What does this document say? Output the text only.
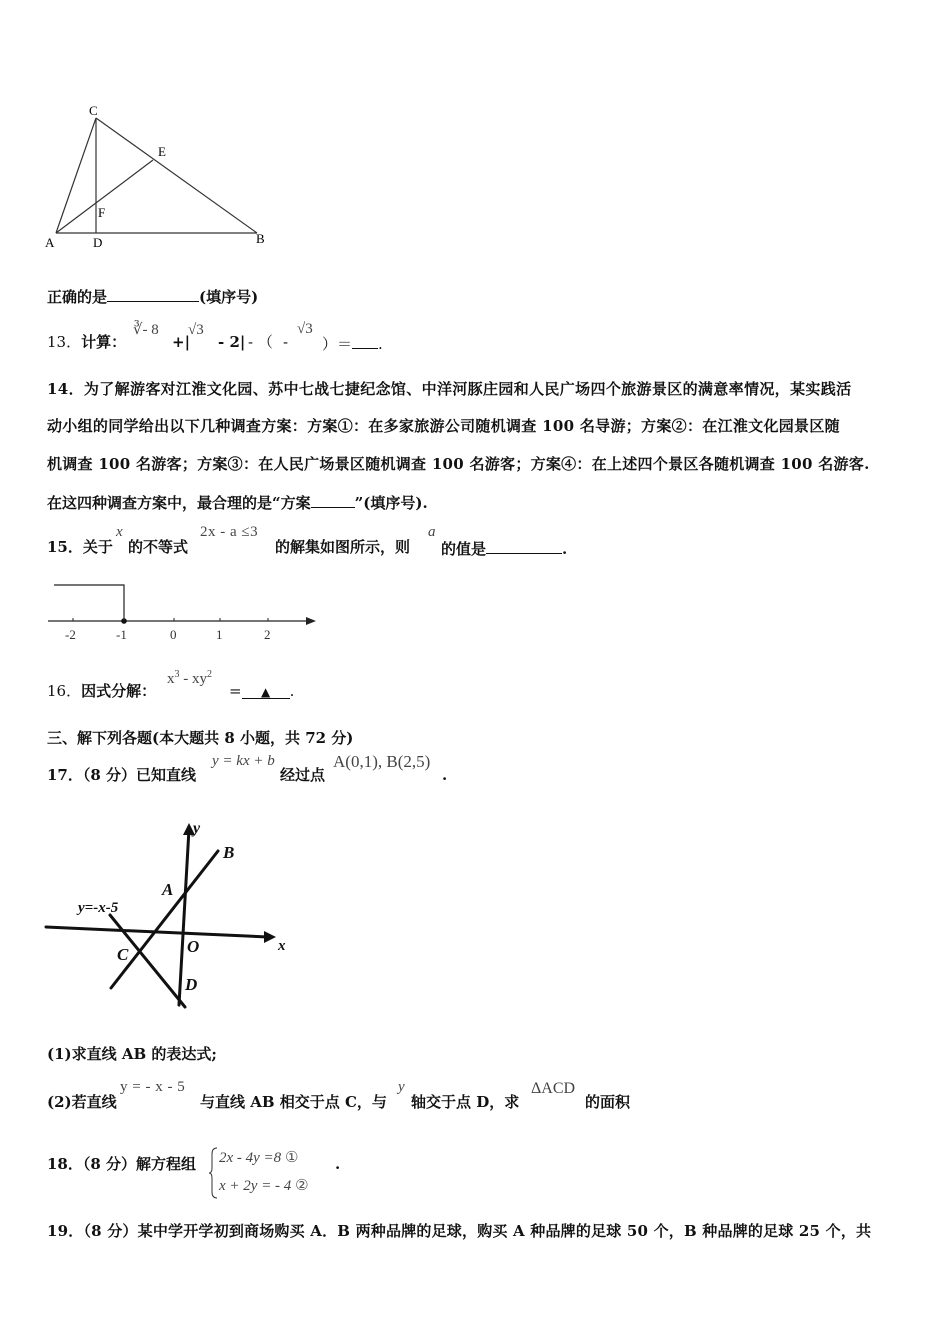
C
E
F
A	D	B
正确的是	(填序号)
13．计算：
∛- 8
+|
√3
- 2| - （ -
√3
）＝ .
14．为了解游客对江淮文化园、苏中七战七捷纪念馆、中洋河豚庄园和人民广场四个旅游景区的满意率情况，某实践活
动小组的同学给出以下几种调查方案：方案①：在多家旅游公司随机调查 100 名导游；方案②：在江淮文化园景区随
机调查 100 名游客；方案③：在人民广场景区随机调查 100 名游客；方案④：在上述四个景区各随机调查 100 名游客.
在这四种调查方案中，最合理的是“方案	”(填序号).
15．关于
x
的不等式
2x - a ≤3
的解集如图所示，则
a
的值是	.
-2	-1	0	1	2
16．因式分解：
$x^3 - xy^2$
= ▲ .
三、解下列各题(本大题共 8 小题，共 72 分)
17．（8 分）已知直线
y = kx + b
经过点
A(0,1), B(2,5)
.
y
B
A
y=-x-5
C	O
D
x
(1)求直线 AB 的表达式;
(2)若直线
y = - x - 5
与直线 AB 相交于点 C，与
y
轴交于点 D，求
ΔACD
的面积
18．（8 分）解方程组 2x - 4y =8 ①
x + 2y = - 4 ②
.
19．（8 分）某中学开学初到商场购买 A．B 两种品牌的足球，购买 A 种品牌的足球 50 个，B 种品牌的足球 25 个，共
